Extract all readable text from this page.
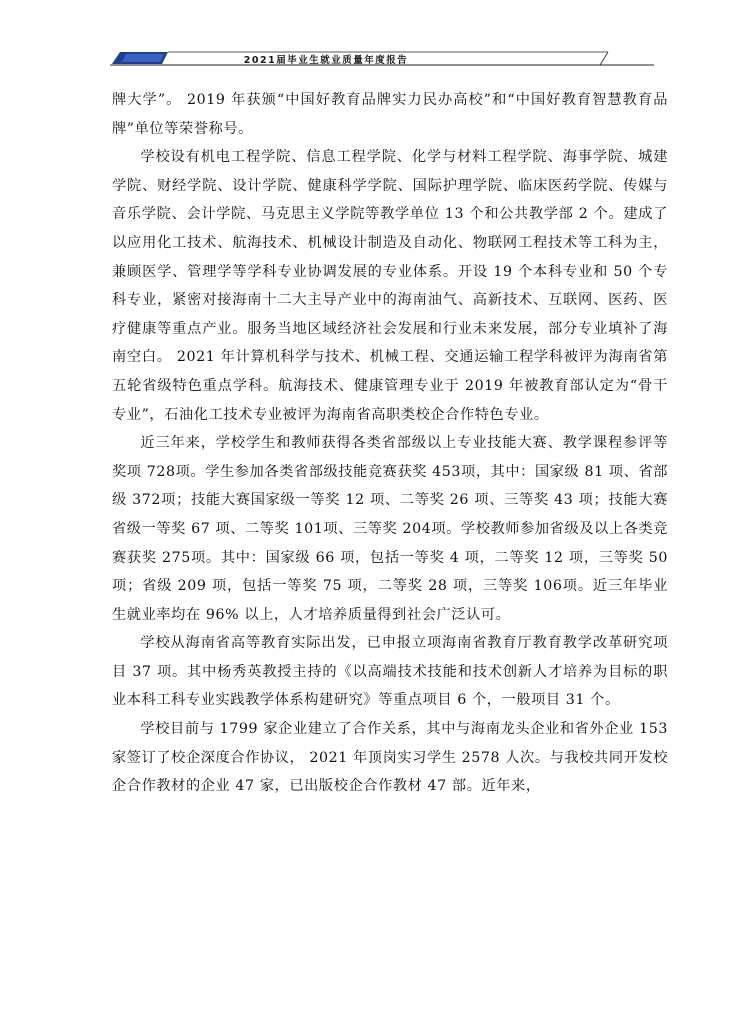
2021届毕业生就业质量年度报告

牌大学”。 2019 年获颁“中国好教育品牌实力民办高校”和“中国好教育智慧教育品牌”单位等荣誉称号。

学校设有机电工程学院、信息工程学院、化学与材料工程学院、海事学院、城建学院、财经学院、设计学院、健康科学学院、国际护理学院、临床医药学院、传媒与音乐学院、会计学院、马克思主义学院等教学单位 13 个和公共教学部 2 个。建成了以应用化工技术、航海技术、机械设计制造及自动化、物联网工程技术等工科为主，兼顾医学、管理学等学科专业协调发展的专业体系。开设 19 个本科专业和 50 个专科专业，紧密对接海南十二大主导产业中的海南油气、高新技术、互联网、医药、医疗健康等重点产业。服务当地区域经济社会发展和行业未来发展，部分专业填补了海南空白。 2021 年计算机科学与技术、机械工程、交通运输工程学科被评为海南省第五轮省级特色重点学科。航海技术、健康管理专业于 2019 年被教育部认定为“骨干专业”，石油化工技术专业被评为海南省高职类校企合作特色专业。

近三年来，学校学生和教师获得各类省部级以上专业技能大赛、教学课程参评等奖项 728项。学生参加各类省部级技能竞赛获奖 453项，其中：国家级 81 项、省部级 372项；技能大赛国家级一等奖 12 项、二等奖 26 项、三等奖 43 项；技能大赛省级一等奖 67 项、二等奖 101项、三等奖 204项。学校教师参加省级及以上各类竞赛获奖 275项。其中：国家级 66 项，包括一等奖 4 项，二等奖 12 项，三等奖 50 项；省级 209 项，包括一等奖 75 项，二等奖 28 项，三等奖 106项。近三年毕业生就业率均在 96% 以上，人才培养质量得到社会广泛认可。

学校从海南省高等教育实际出发，已申报立项海南省教育厅教育教学改革研究项目 37 项。其中杨秀英教授主持的《以高端技术技能和技术创新人才培养为目标的职业本科工科专业实践教学体系构建研究》等重点项目 6 个，一般项目 31 个。

学校目前与 1799 家企业建立了合作关系，其中与海南龙头企业和省外企业 153家签订了校企深度合作协议， 2021 年顶岗实习学生 2578 人次。与我校共同开发校企合作教材的企业 47 家，已出版校企合作教材 47 部。近年来，
